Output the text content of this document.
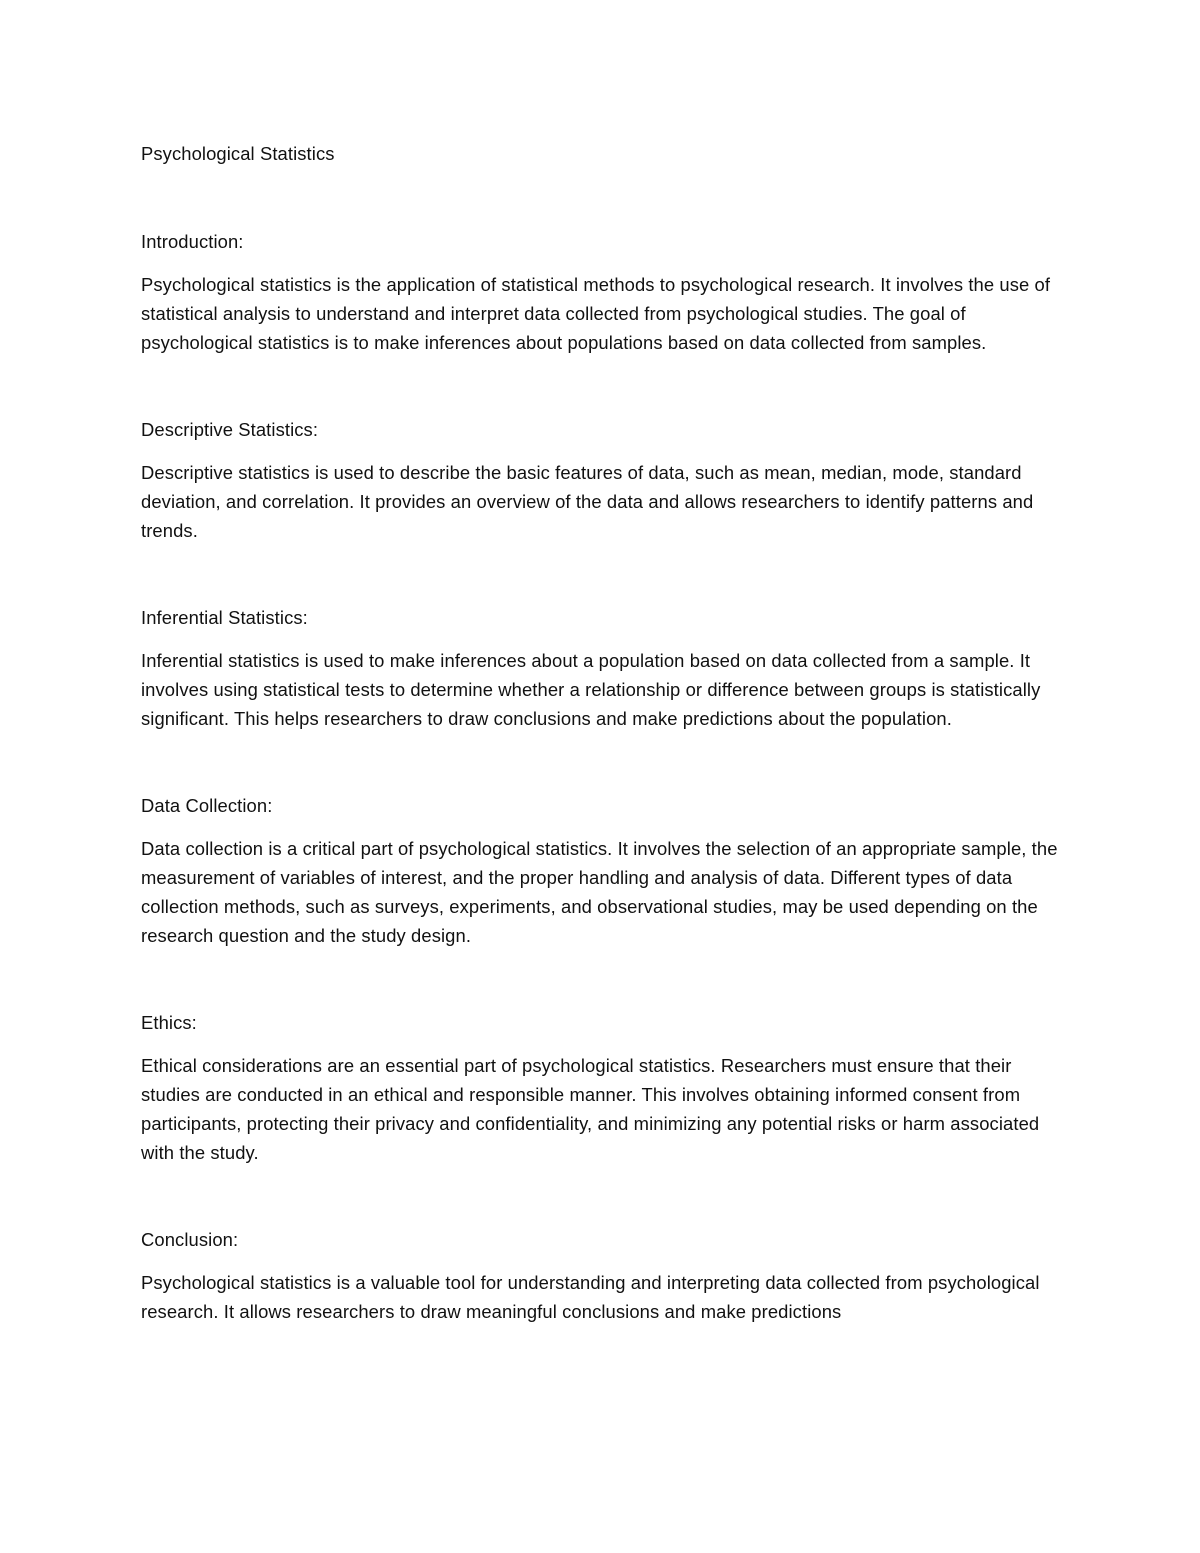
Psychological Statistics

Introduction:

Psychological statistics is the application of statistical methods to psychological research. It involves the use of statistical analysis to understand and interpret data collected from psychological studies. The goal of psychological statistics is to make inferences about populations based on data collected from samples.

Descriptive Statistics:

Descriptive statistics is used to describe the basic features of data, such as mean, median, mode, standard deviation, and correlation. It provides an overview of the data and allows researchers to identify patterns and trends.

Inferential Statistics:

Inferential statistics is used to make inferences about a population based on data collected from a sample. It involves using statistical tests to determine whether a relationship or difference between groups is statistically significant. This helps researchers to draw conclusions and make predictions about the population.

Data Collection:

Data collection is a critical part of psychological statistics. It involves the selection of an appropriate sample, the measurement of variables of interest, and the proper handling and analysis of data. Different types of data collection methods, such as surveys, experiments, and observational studies, may be used depending on the research question and the study design.

Ethics:

Ethical considerations are an essential part of psychological statistics. Researchers must ensure that their studies are conducted in an ethical and responsible manner. This involves obtaining informed consent from participants, protecting their privacy and confidentiality, and minimizing any potential risks or harm associated with the study.

Conclusion:

Psychological statistics is a valuable tool for understanding and interpreting data collected from psychological research. It allows researchers to draw meaningful conclusions and make predictions
